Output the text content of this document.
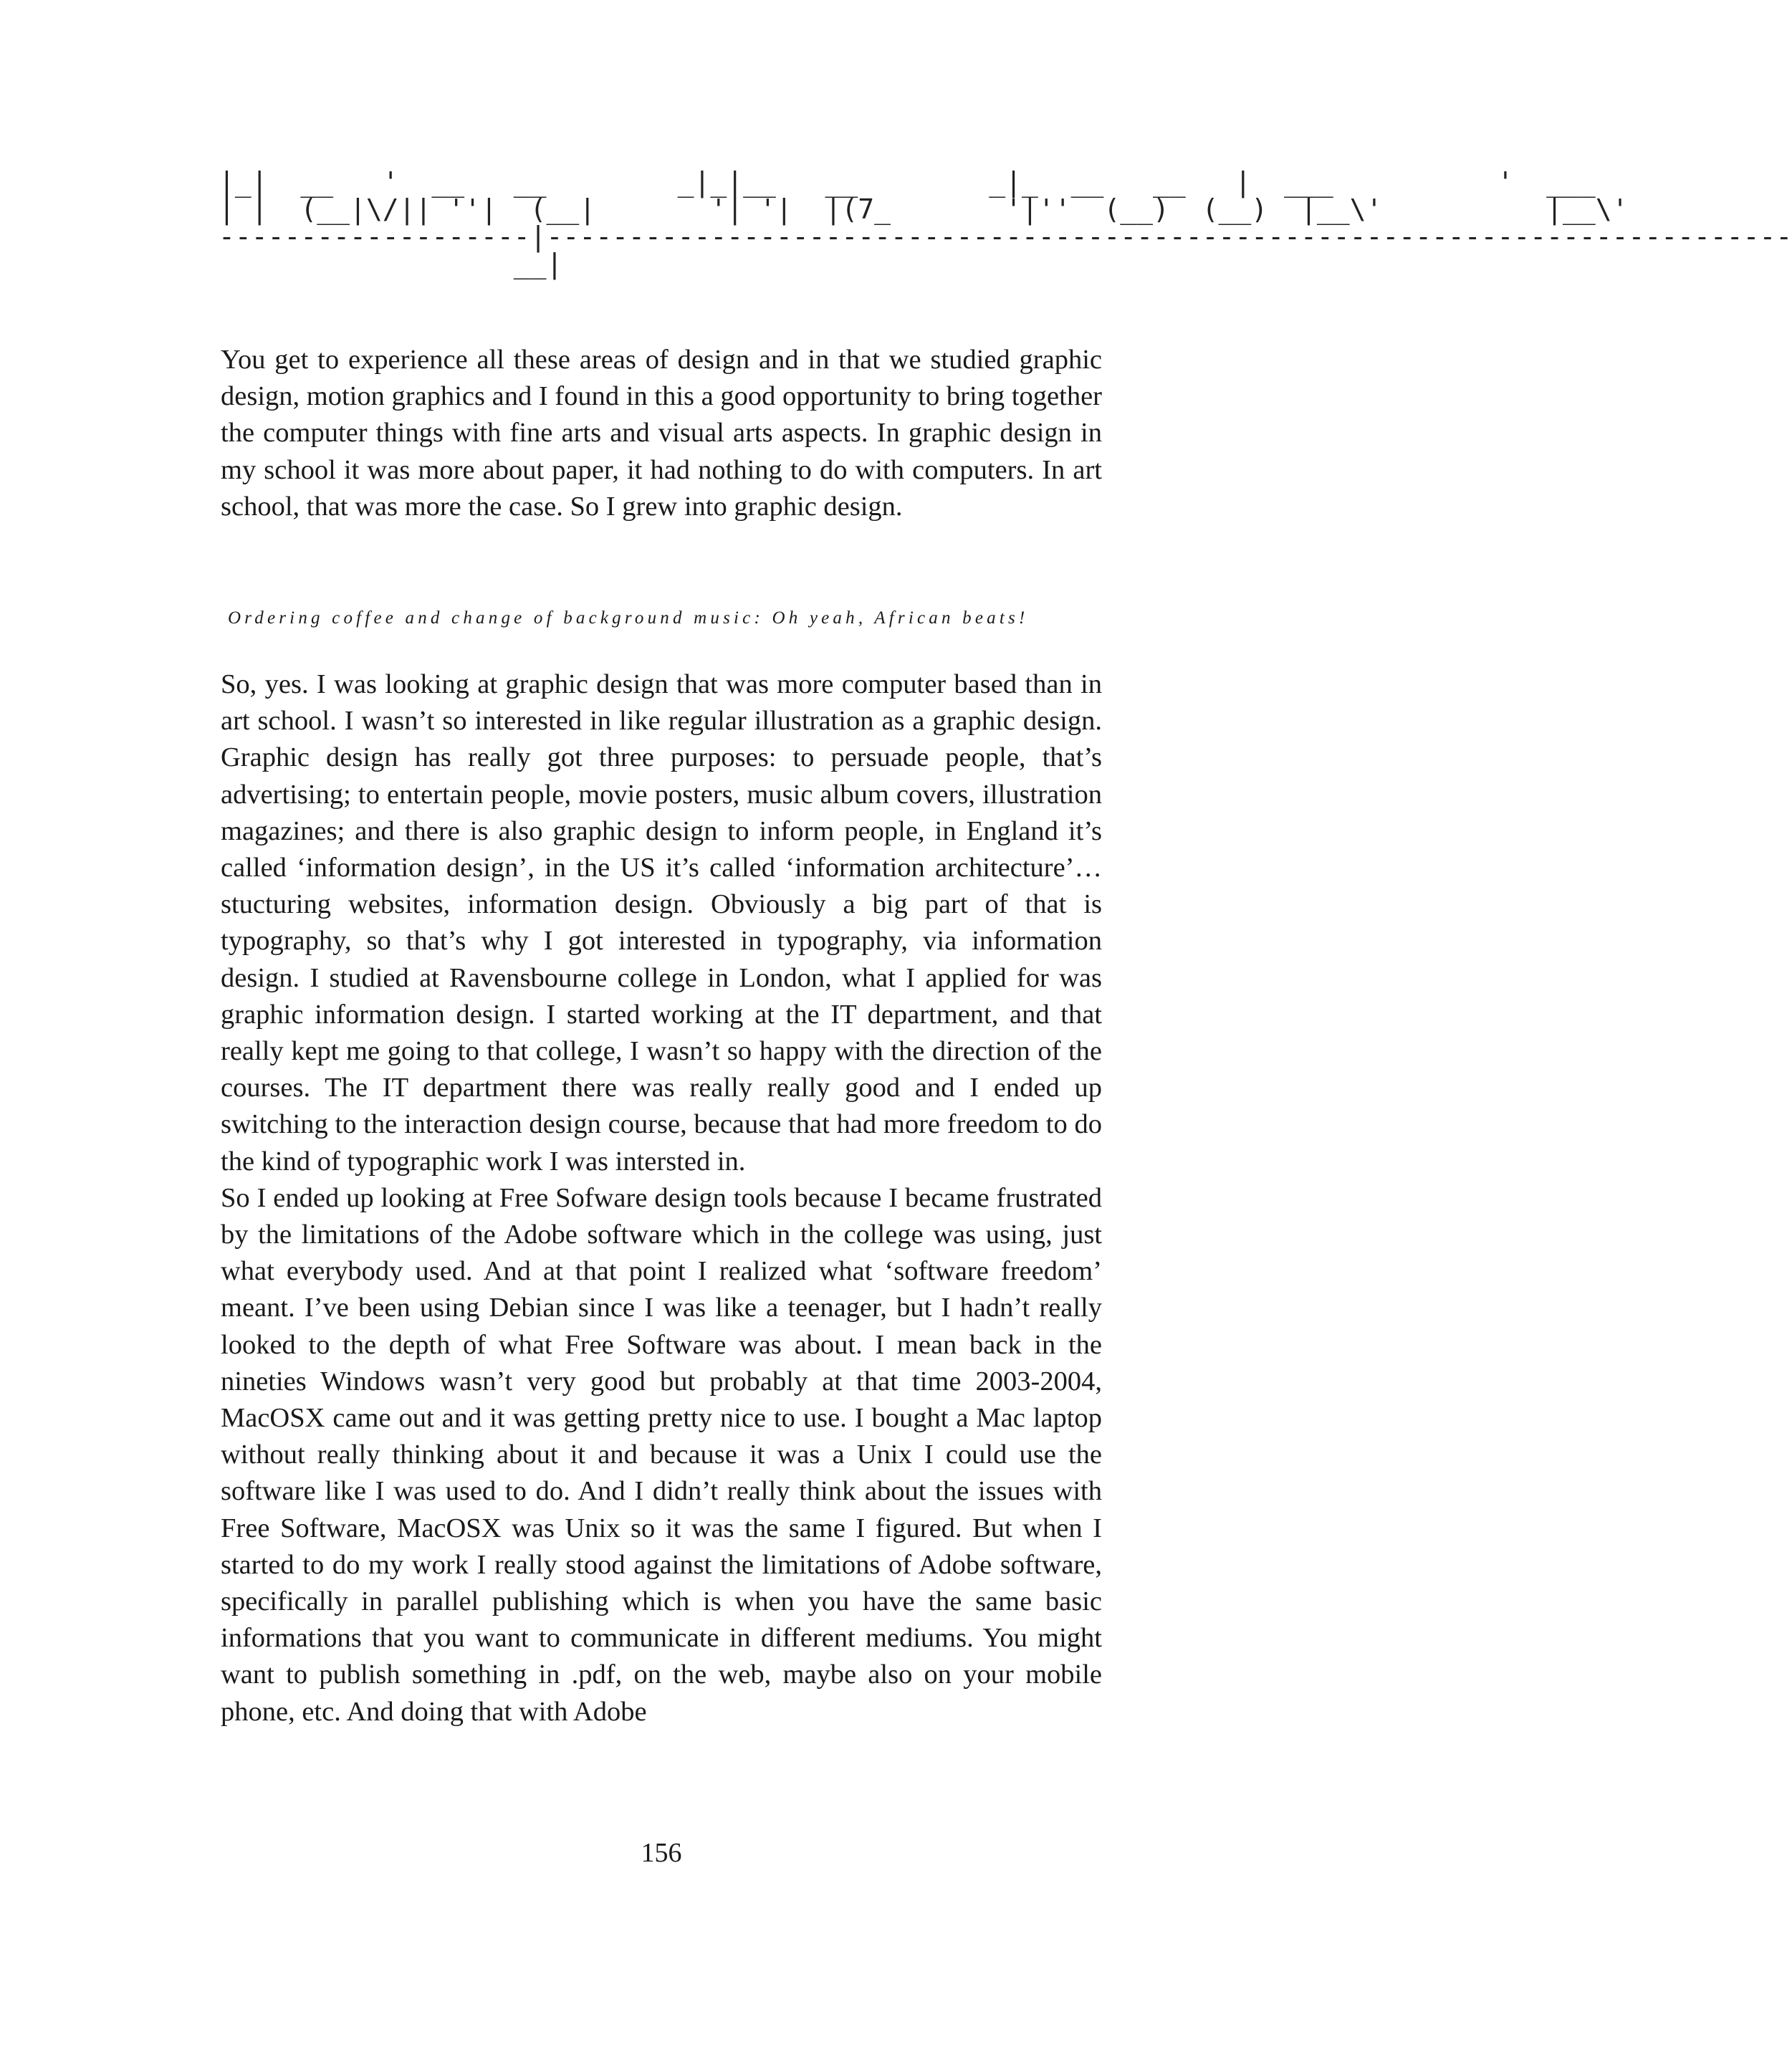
|_|  __   '  __   __        _|_|__   __        _|_  __   __   |  ___          '  ___
| |  (__|\/|| ''|  (__|       '| '|  |(7_       '|''  (__)  (__)  |__\'          |__\'
-------------------|----------------------------------------------------------------------------
__|

You get to experience all these areas of design and in that we studied graphic design, motion graphics and I found in this a good opportunity to bring together the computer things with fine arts and visual arts aspects. In graphic design in my school it was more about paper, it had nothing to do with computers. In art school, that was more the case. So I grew into graphic design.

Ordering coffee and change of background music: Oh yeah, African beats!

So, yes. I was looking at graphic design that was more computer based than in art school. I wasn’t so interested in like regular illustration as a graphic design. Graphic design has really got three purposes: to persuade people, that’s advertising; to entertain people, movie posters, music album covers, illustration magazines; and there is also graphic design to inform people, in England it’s called ‘information design’, in the US it’s called ‘information architecture’… stucturing websites, information design. Obviously a big part of that is typography, so that’s why I got interested in typography, via information design. I studied at Ravensbourne college in London, what I applied for was graphic information design. I started working at the IT department, and that really kept me going to that college, I wasn’t so happy with the direction of the courses. The IT department there was really really good and I ended up switching to the interaction design course, because that had more freedom to do the kind of typographic work I was intersted in.

So I ended up looking at Free Sofware design tools because I became frustrated by the limitations of the Adobe software which in the college was using, just what everybody used. And at that point I realized what ‘software freedom’ meant. I’ve been using Debian since I was like a teenager, but I hadn’t really looked to the depth of what Free Software was about. I mean back in the nineties Windows wasn’t very good but probably at that time 2003-2004, MacOSX came out and it was getting pretty nice to use. I bought a Mac laptop without really thinking about it and because it was a Unix I could use the software like I was used to do. And I didn’t really think about the issues with Free Software, MacOSX was Unix so it was the same I figured. But when I started to do my work I really stood against the limitations of Adobe software, specifically in parallel publishing which is when you have the same basic informations that you want to communicate in different mediums. You might want to publish something in .pdf, on the web, maybe also on your mobile phone, etc. And doing that with Adobe

156
